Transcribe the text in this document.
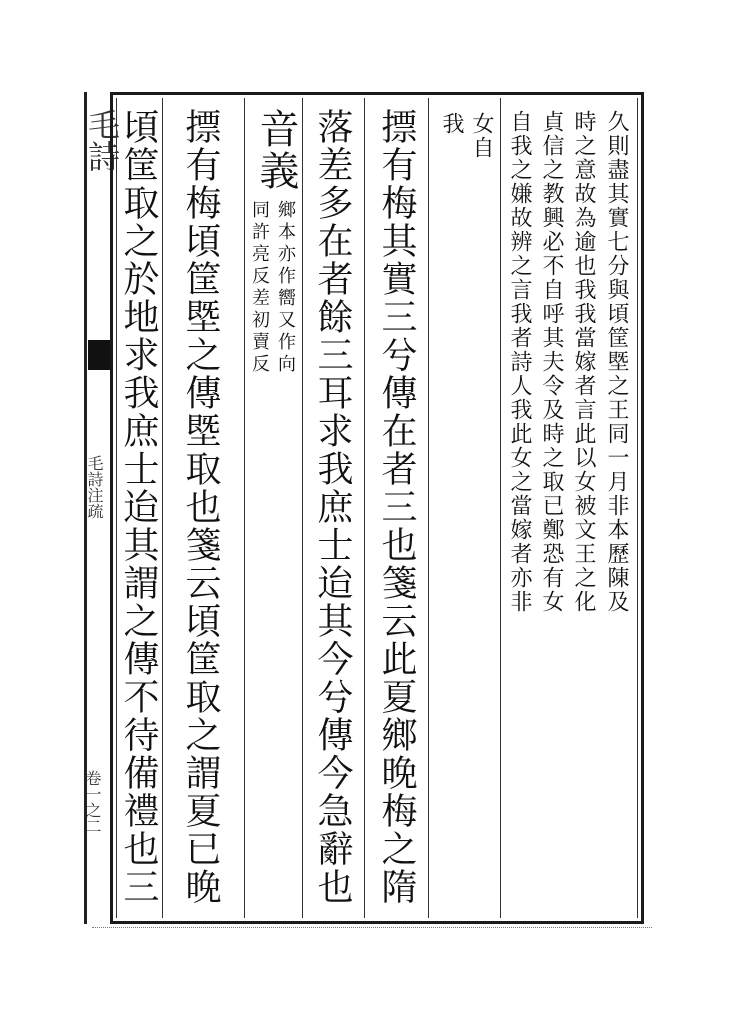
毛詩
毛詩注疏
卷一之二
久則盡其實七分與頃筐塈之王同一月非本歷陳及
時之意故為逾也我我當嫁者言此以女被文王之化
貞信之教興必不自呼其夫令及時之取已鄭恐有女
自我之嫌故辨之言我者詩人我此女之當嫁者亦非
女自
我
摽有梅其實三兮傳在者三也箋云此夏鄉晚梅之隋
落差多在者餘三耳求我庶士迨其今兮傳今急辭也
音義
鄉本亦作嚮又作向
同許亮反差初賣反
摽有梅頃筐塈之傳塈取也箋云頃筐取之謂夏已晚
頃筐取之於地求我庶士迨其謂之傳不待備禮也三
